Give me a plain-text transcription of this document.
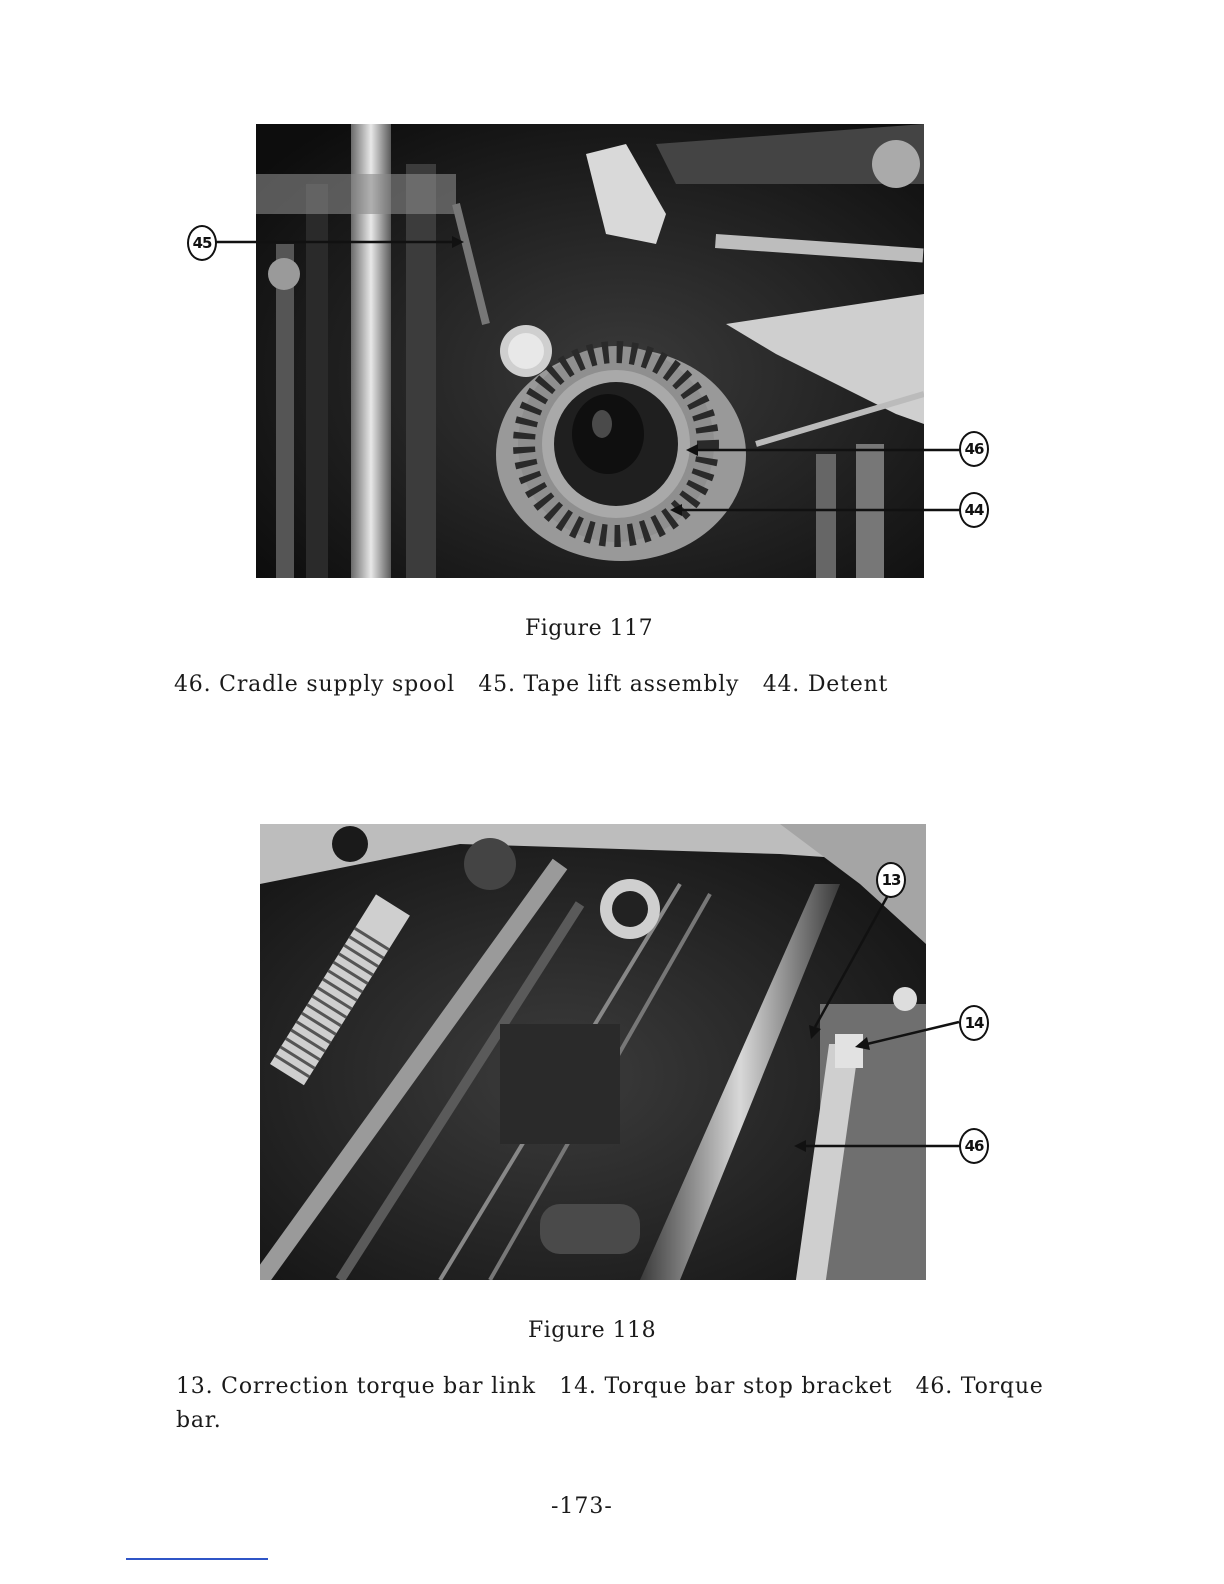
45
46
44
Figure 117
46. Cradle supply spool 45. Tape lift assembly 44. Detent
13
14
46
Figure 118
13. Correction torque bar link 14. Torque bar stop bracket 46. Torque
bar.
-173-
